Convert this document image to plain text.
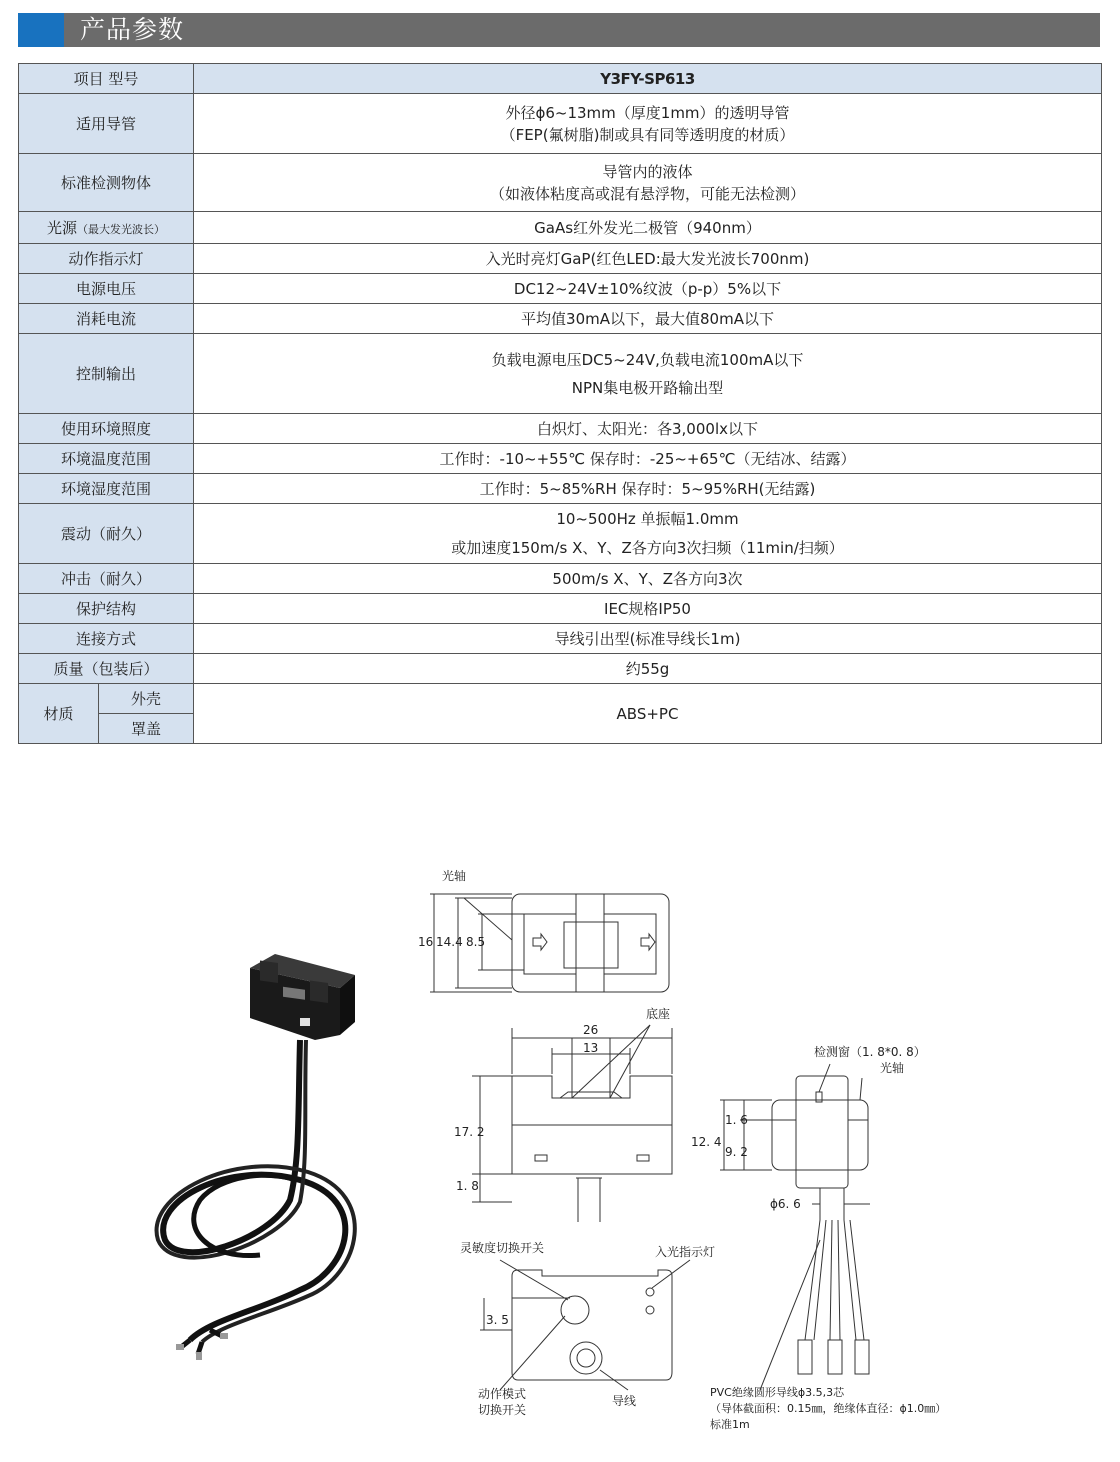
产品参数
项目 型号		Y3FY-SP613
适用导管		外径ϕ6~13mm（厚度1mm）的透明导管
（FEP(氟树脂)制或具有同等透明度的材质）

标准检测物体		导管内的液体
（如液体粘度高或混有悬浮物，可能无法检测）

光源（最大发光波长）		GaAs红外发光二极管（940nm）
动作指示灯		入光时亮灯GaP(红色LED:最大发光波长700nm)
电源电压		DC12~24V±10%纹波（p-p）5%以下
消耗电流		平均值30mA以下，最大值80mA以下
控制输出		负载电源电压DC5~24V,负载电流100mA以下
NPN集电极开路输出型

使用环境照度		白炽灯、太阳光：各3,000lx以下
环境温度范围		工作时：-10~+55℃ 保存时：-25~+65℃（无结冰、结露）
环境湿度范围		工作时：5~85%RH 保存时：5~95%RH(无结露)
震动（耐久）		10~500Hz 单振幅1.0mm
或加速度150m/s X、Y、Z各方向3次扫频（11min/扫频）

冲击（耐久）		500m/s X、Y、Z各方向3次
保护结构		IEC规格IP50
连接方式		导线引出型(标准导线长1m)
质量（包装后）		约55g
材质	外壳	ABS+PC
	罩盖	
光轴
16 14.4 8.5
底座
26
13
17. 2
1. 8
检测窗（1. 8*0. 8）
光轴
1. 6
12. 4
9. 2
ϕ6. 6
灵敏度切换开关	入光指示灯
3. 5
动作模式
切换开关
导线
PVC绝缘圆形导线ϕ3.5,3芯
（导体截面积：0.15㎜，绝缘体直径：ϕ1.0㎜）
标准1m
